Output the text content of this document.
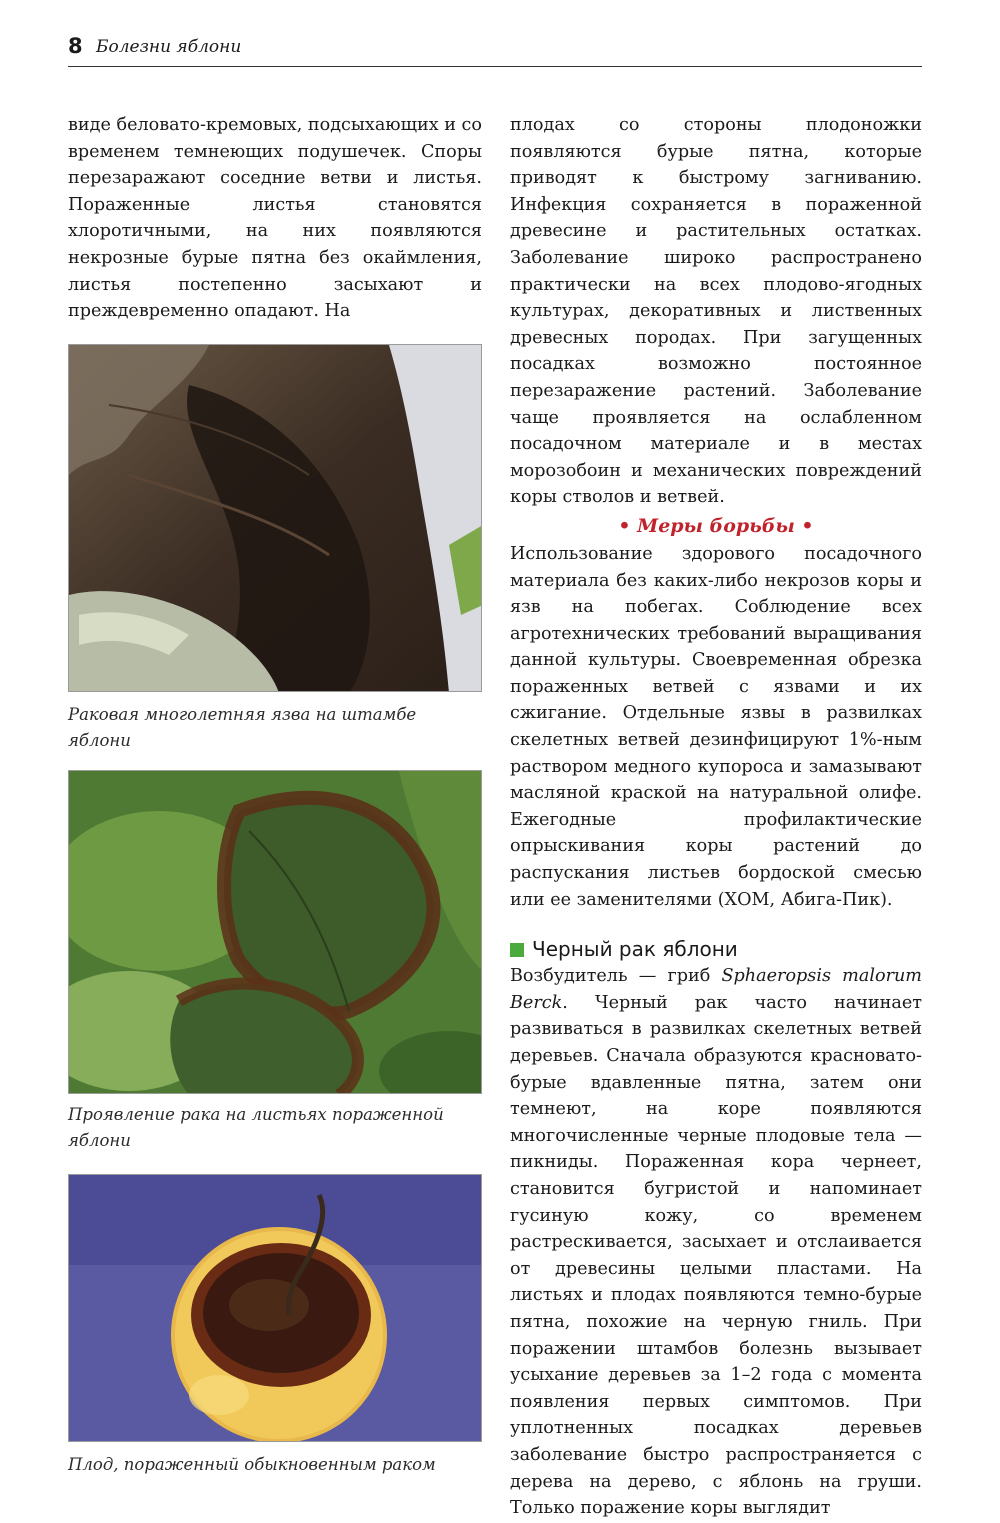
8 Болезни яблони

виде беловато-кремовых, подсыхающих и со временем темнеющих подушечек. Споры перезаражают соседние ветви и листья. Пораженные листья становятся хлоротичными, на них появляются некрозные бурые пятна без окаймления, листья постепенно засыхают и преждевременно опадают. На

Раковая многолетняя язва на штамбе яблони
Проявление рака на листьях пораженной яблони
Плод, пораженный обыкновенным раком

плодах со стороны плодоножки появляются бурые пятна, которые приводят к быстрому загниванию. Инфекция сохраняется в пораженной древесине и растительных остатках. Заболевание широко распространено практически на всех плодово-ягодных культурах, декоративных и лиственных древесных породах. При загущенных посадках возможно постоянное перезаражение растений. Заболевание чаще проявляется на ослабленном посадочном материале и в местах морозобоин и механических повреждений коры стволов и ветвей.

• Меры борьбы •

Использование здорового посадочного материала без каких-либо некрозов коры и язв на побегах. Соблюдение всех агротехнических требований выращивания данной культуры. Своевременная обрезка пораженных ветвей с язвами и их сжигание. Отдельные язвы в развилках скелетных ветвей дезинфицируют 1%-ным раствором медного купороса и замазывают масляной краской на натуральной олифе. Ежегодные профилактические опрыскивания коры растений до распускания листьев бордоской смесью или ее заменителями (ХОМ, Абига-Пик).

Черный рак яблони

Возбудитель — гриб Sphaeropsis malorum Berck. Черный рак часто начинает развиваться в развилках скелетных ветвей деревьев. Сначала образуются красновато-бурые вдавленные пятна, затем они темнеют, на коре появляются многочисленные черные плодовые тела — пикниды. Пораженная кора чернеет, становится бугристой и напоминает гусиную кожу, со временем растрескивается, засыхает и отслаивается от древесины целыми пластами. На листьях и плодах появляются темно-бурые пятна, похожие на черную гниль. При поражении штамбов болезнь вызывает усыхание деревьев за 1–2 года с момента появления первых симптомов. При уплотненных посадках деревьев заболевание быстро распространяется с дерева на дерево, с яблонь на груши. Только поражение коры выглядит
